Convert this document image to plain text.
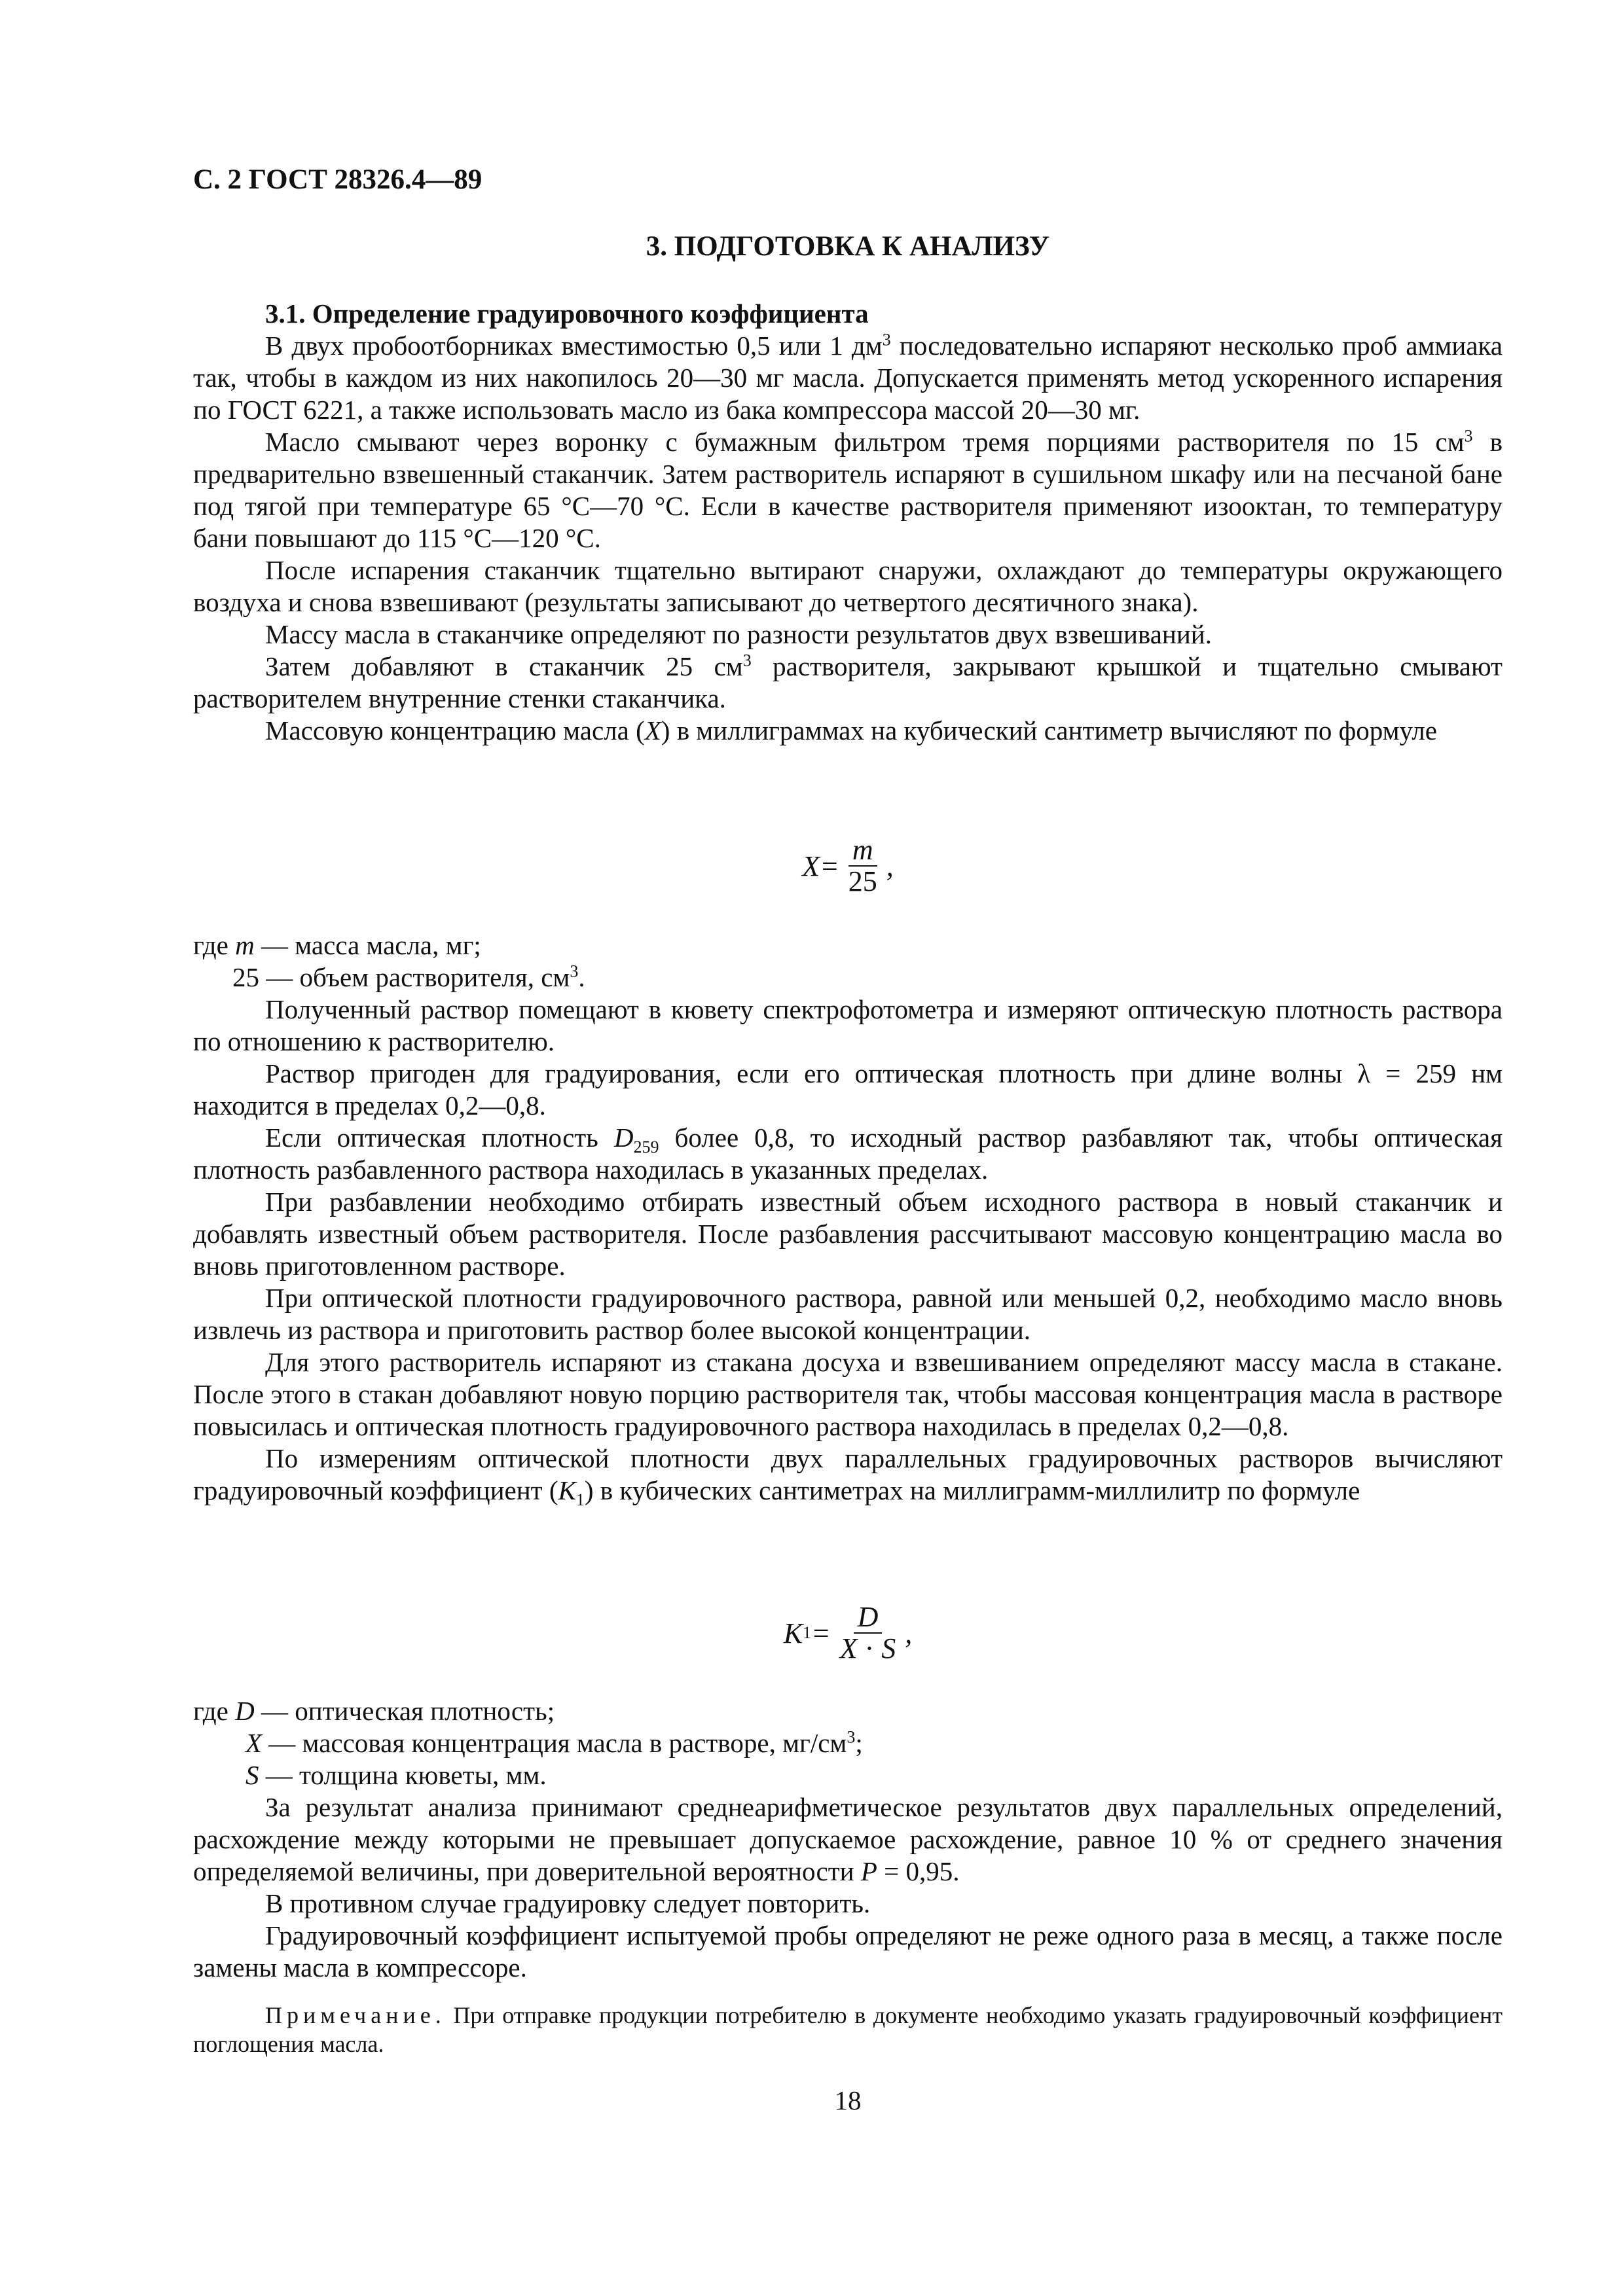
С. 2 ГОСТ 28326.4—89
3. ПОДГОТОВКА К АНАЛИЗУ

3.1. Определение градуировочного коэффициента

В двух пробоотборниках вместимостью 0,5 или 1 $дм^3$ последовательно испаряют несколько проб аммиака так, чтобы в каждом из них накопилось 20—30 мг масла. Допускается применять метод ускоренного испарения по ГОСТ 6221, а также использовать масло из бака компрессора массой 20—30 мг.

Масло смывают через воронку с бумажным фильтром тремя порциями растворителя по 15 $см^3$ в предварительно взвешенный стаканчик. Затем растворитель испаряют в сушильном шкафу или на песчаной бане под тягой при температуре 65 °С—70 °С. Если в качестве растворителя применяют изооктан, то температуру бани повышают до 115 °С—120 °С.

После испарения стаканчик тщательно вытирают снаружи, охлаждают до температуры окружающего воздуха и снова взвешивают (результаты записывают до четвертого десятичного знака).

Массу масла в стаканчике определяют по разности результатов двух взвешиваний.

Затем добавляют в стаканчик 25 $см^3$ растворителя, закрывают крышкой и тщательно смывают растворителем внутренние стенки стаканчика.

Массовую концентрацию масла (X) в миллиграммах на кубический сантиметр вычисляют по формуле

$X = \frac{m}{25}$ ,

где m — масса масла, мг;

25 — объем растворителя, $см^3$.

Полученный раствор помещают в кювету спектрофотометра и измеряют оптическую плотность раствора по отношению к растворителю.

Раствор пригоден для градуирования, если его оптическая плотность при длине волны λ = 259 нм находится в пределах 0,2—0,8.

Если оптическая плотность $D_{259}$ более 0,8, то исходный раствор разбавляют так, чтобы оптическая плотность разбавленного раствора находилась в указанных пределах.

При разбавлении необходимо отбирать известный объем исходного раствора в новый стаканчик и добавлять известный объем растворителя. После разбавления рассчитывают массовую концентрацию масла во вновь приготовленном растворе.

При оптической плотности градуировочного раствора, равной или меньшей 0,2, необходимо масло вновь извлечь из раствора и приготовить раствор более высокой концентрации.

Для этого растворитель испаряют из стакана досуха и взвешиванием определяют массу масла в стакане. После этого в стакан добавляют новую порцию растворителя так, чтобы массовая концентрация масла в растворе повысилась и оптическая плотность градуировочного раствора находилась в пределах 0,2—0,8.

По измерениям оптической плотности двух параллельных градуировочных растворов вычисляют градуировочный коэффициент $(K_1)$ в кубических сантиметрах на миллиграмм-миллилитр по формуле

K $1 = \frac{D}{X \cdot S}$ ,

где D — оптическая плотность;

X — массовая концентрация масла в растворе, $мг/см^3$;

S — толщина кюветы, мм.

За результат анализа принимают среднеарифметическое результатов двух параллельных определений, расхождение между которыми не превышает допускаемое расхождение, равное 10 % от среднего значения определяемой величины, при доверительной вероятности P = 0,95.

В противном случае градуировку следует повторить.

Градуировочный коэффициент испытуемой пробы определяют не реже одного раза в месяц, а также после замены масла в компрессоре.

Примечание. При отправке продукции потребителю в документе необходимо указать градуировочный коэффициент поглощения масла.

18
